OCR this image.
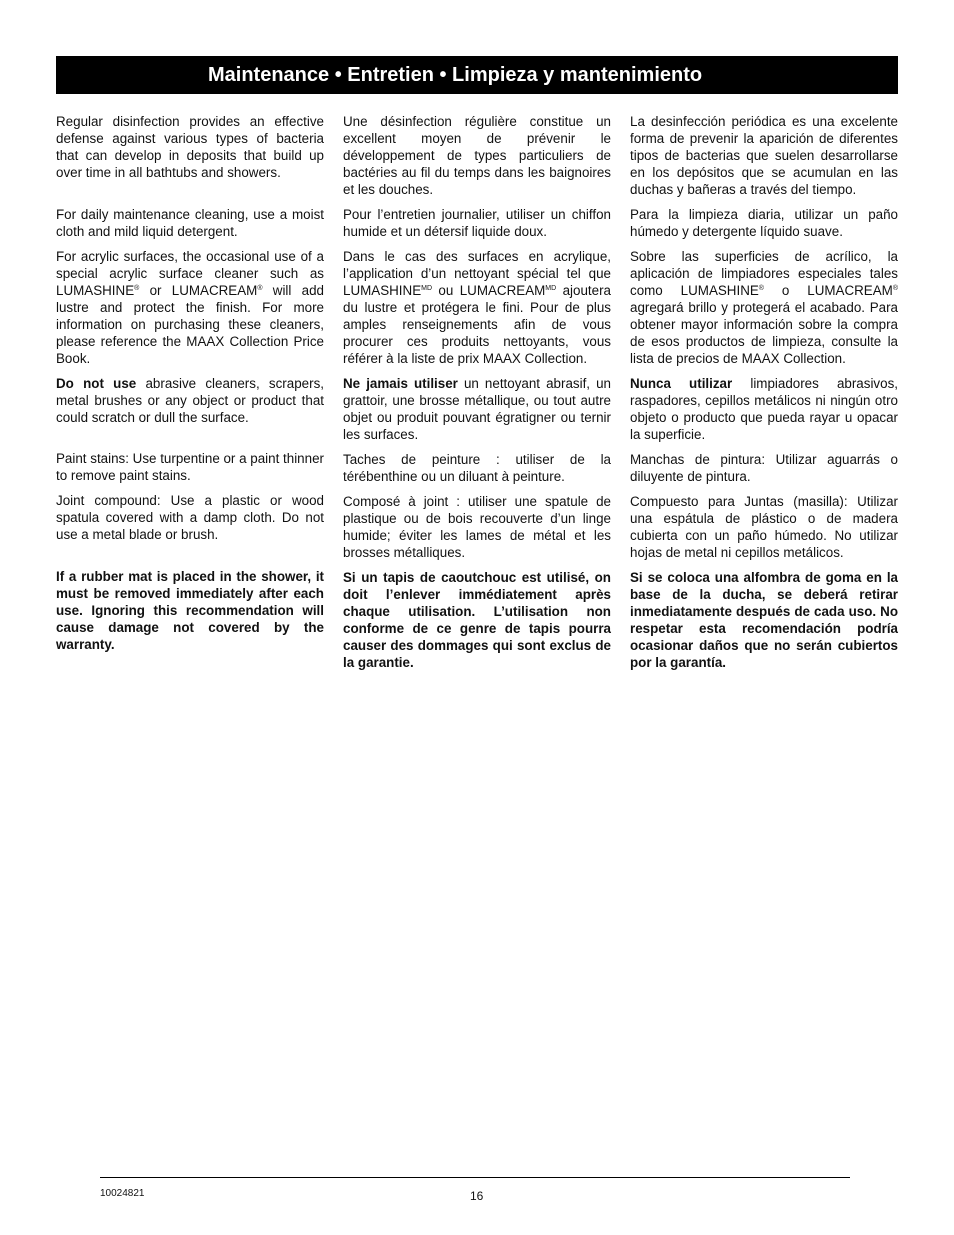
Maintenance • Entretien • Limpieza y mantenimiento

Regular disinfection provides an effective defense against various types of bacteria that can develop in deposits that build up over time in all bathtubs and showers.

For daily maintenance cleaning, use a moist cloth and mild liquid detergent.

For acrylic surfaces, the occasional use of a special acrylic surface cleaner such as LUMASHINE® or LUMACREAM® will add lustre and protect the finish. For more information on purchasing these cleaners, please reference the MAAX Collection Price Book.

Do not use abrasive cleaners, scrapers, metal brushes or any object or product that could scratch or dull the surface.

Paint stains: Use turpentine or a paint thinner to remove paint stains.

Joint compound: Use a plastic or wood spatula covered with a damp cloth. Do not use a metal blade or brush.

If a rubber mat is placed in the shower, it must be removed immediately after each use. Ignoring this recommendation will cause damage not covered by the warranty.

Une désinfection régulière constitue un excellent moyen de prévenir le développement de types particuliers de bactéries au fil du temps dans les baignoires et les douches.

Pour l’entretien journalier, utiliser un chiffon humide et un détersif liquide doux.

Dans le cas des surfaces en acrylique, l’application d’un nettoyant spécial tel que $LUMASHINE^{MD}$ ou $LUMACREAM^{MD}$ ajoutera du lustre et protégera le fini. Pour de plus amples renseignements afin de vous procurer ces produits nettoyants, vous référer à la liste de prix MAAX Collection.

Ne jamais utiliser un nettoyant abrasif, un grattoir, une brosse métallique, ou tout autre objet ou produit pouvant égratigner ou ternir les surfaces.

Taches de peinture : utiliser de la térébenthine ou un diluant à peinture.

Composé à joint : utiliser une spatule de plastique ou de bois recouverte d’un linge humide; éviter les lames de métal et les brosses métalliques.

Si un tapis de caoutchouc est utilisé, on doit l’enlever immédiatement après chaque utilisation. L’utilisation non conforme de ce genre de tapis pourra causer des dommages qui sont exclus de la garantie.

La desinfección periódica es una excelente forma de prevenir la aparición de diferentes tipos de bacterias que suelen desarrollarse en los depósitos que se acumulan en las duchas y bañeras a través del tiempo.

Para la limpieza diaria, utilizar un paño húmedo y detergente líquido suave.

Sobre las superficies de acrílico, la aplicación de limpiadores especiales tales como LUMASHINE® o LUMACREAM® agregará brillo y protegerá el acabado. Para obtener mayor información sobre la compra de esos productos de limpieza, consulte la lista de precios de MAAX Collection.

Nunca utilizar limpiadores abrasivos, raspadores, cepillos metálicos ni ningún otro objeto o producto que pueda rayar u opacar la superficie.

Manchas de pintura: Utilizar aguarrás o diluyente de pintura.

Compuesto para Juntas (masilla): Utilizar una espátula de plástico o de madera cubierta con un paño húmedo. No utilizar hojas de metal ni cepillos metálicos.

Si se coloca una alfombra de goma en la base de la ducha, se deberá retirar inmediatamente después de cada uso. No respetar esta recomendación podría ocasionar daños que no serán cubiertos por la garantía.

10024821	16
